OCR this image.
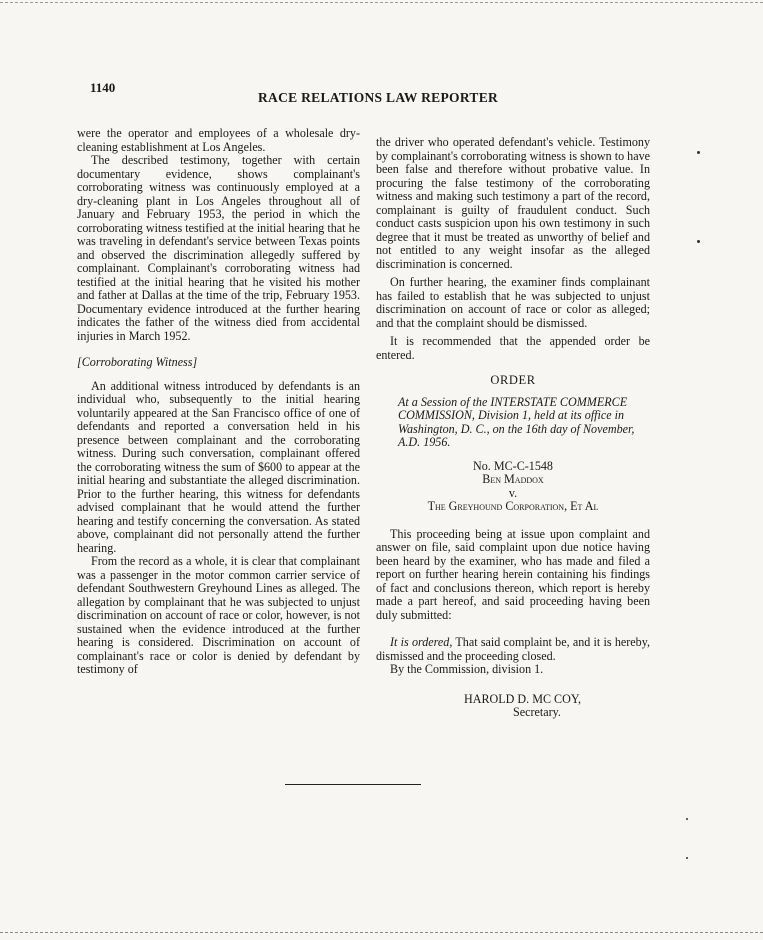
1140
RACE RELATIONS LAW REPORTER

were the operator and employees of a wholesale dry-cleaning establishment at Los Angeles.

The described testimony, together with certain documentary evidence, shows complainant's corroborating witness was continuously employed at a dry-cleaning plant in Los Angeles throughout all of January and February 1953, the period in which the corroborating witness testified at the initial hearing that he was traveling in defendant's service between Texas points and observed the discrimination allegedly suffered by complainant. Complainant's corroborating witness had testified at the initial hearing that he visited his mother and father at Dallas at the time of the trip, February 1953. Documentary evidence introduced at the further hearing indicates the father of the witness died from accidental injuries in March 1952.

[Corroborating Witness]

An additional witness introduced by defendants is an individual who, subsequently to the initial hearing voluntarily appeared at the San Francisco office of one of defendants and reported a conversation held in his presence between complainant and the corroborating witness. During such conversation, complainant offered the corroborating witness the sum of $600 to appear at the initial hearing and substantiate the alleged discrimination. Prior to the further hearing, this witness for defendants advised complainant that he would attend the further hearing and testify concerning the conversation. As stated above, complainant did not personally attend the further hearing.

From the record as a whole, it is clear that complainant was a passenger in the motor common carrier service of defendant Southwestern Greyhound Lines as alleged. The allegation by complainant that he was subjected to unjust discrimination on account of race or color, however, is not sustained when the evidence introduced at the further hearing is considered. Discrimination on account of complainant's race or color is denied by defendant by testimony of

the driver who operated defendant's vehicle. Testimony by complainant's corroborating witness is shown to have been false and therefore without probative value. In procuring the false testimony of the corroborating witness and making such testimony a part of the record, complainant is guilty of fraudulent conduct. Such conduct casts suspicion upon his own testimony in such degree that it must be treated as unworthy of belief and not entitled to any weight insofar as the alleged discrimination is concerned.

On further hearing, the examiner finds complainant has failed to establish that he was subjected to unjust discrimination on account of race or color as alleged; and that the complaint should be dismissed.

It is recommended that the appended order be entered.

ORDER

At a Session of the INTERSTATE COMMERCE COMMISSION, Division 1, held at its office in Washington, D. C., on the 16th day of November, A.D. 1956.

No. MC-C-1548

Ben Maddox

v.

The Greyhound Corporation, Et Al

This proceeding being at issue upon complaint and answer on file, said complaint upon due notice having been heard by the examiner, who has made and filed a report on further hearing herein containing his findings of fact and conclusions thereon, which report is hereby made a part hereof, and said proceeding having been duly submitted:

It is ordered, That said complaint be, and it is hereby, dismissed and the proceeding closed.

By the Commission, division 1.

HAROLD D. MC COY,

Secretary.
